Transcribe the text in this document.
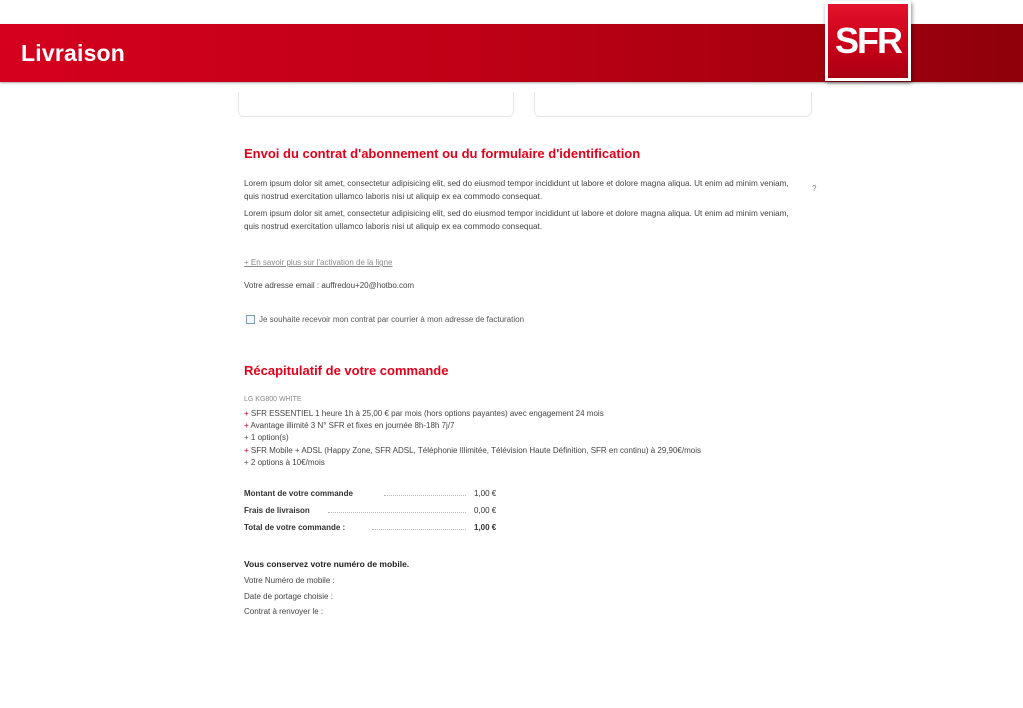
Livraison	SFR
Envoi du contrat d'abonnement ou du formulaire d'identification
Lorem ipsum dolor sit amet, consectetur adipisicing elit, sed do eiusmod tempor incididunt ut labore et dolore magna aliqua. Ut enim ad minim veniam, quis nostrud exercitation ullamco laboris nisi ut aliquip ex ea commodo consequat.
Lorem ipsum dolor sit amet, consectetur adipisicing elit, sed do eiusmod tempor incididunt ut labore et dolore magna aliqua. Ut enim ad minim veniam, quis nostrud exercitation ullamco laboris nisi ut aliquip ex ea commodo consequat.
?
+ En savoir plus sur l'activation de la ligne
Votre adresse email : auffredou+20@hotbo.com
Je souhaite recevoir mon contrat par courrier à mon adresse de facturation
Récapitulatif de votre commande
LG KG800 WHITE
+ SFR ESSENTIEL 1 heure 1h à 25,00 € par mois (hors options payantes) avec engagement 24 mois
+ Avantage illimité 3 N° SFR et fixes en journée 8h-18h 7j/7
+ 1 option(s)
+ SFR Mobile + ADSL (Happy Zone, SFR ADSL, Téléphonie Illimitée, Télévision Haute Définition, SFR en continu) à 29,90€/mois
+ 2 options à 10€/mois
Montant de votre commande	1,00 €
Frais de livraison	0,00 €
Total de votre commande :	1,00 €
Vous conservez votre numéro de mobile.
Votre Numéro de mobile :
Date de portage choisie :
Contrat à renvoyer le :
